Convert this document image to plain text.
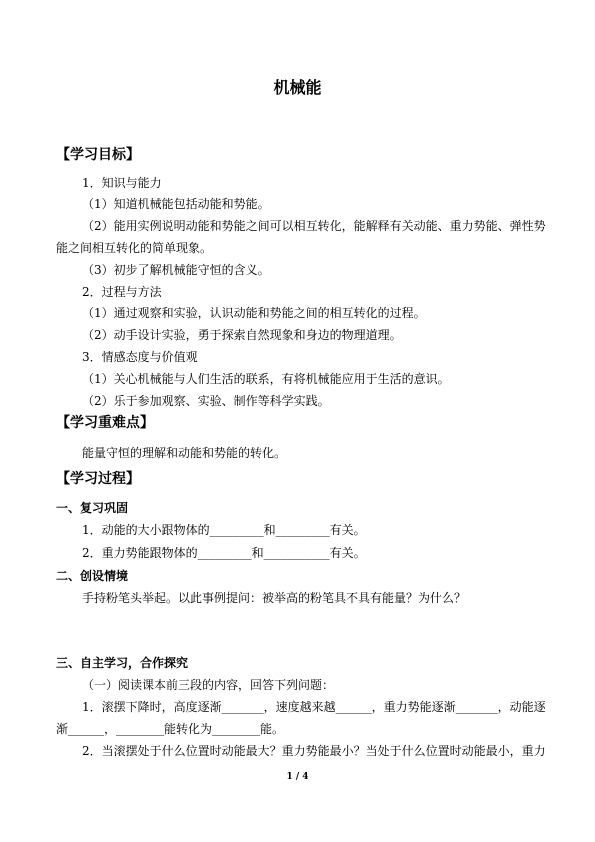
机械能
【学习目标】
1．知识与能力
（1）知道机械能包括动能和势能。
（2）能用实例说明动能和势能之间可以相互转化，能解释有关动能、重力势能、弹性势
能之间相互转化的简单现象。
（3）初步了解机械能守恒的含义。
2．过程与方法
（1）通过观察和实验，认识动能和势能之间的相互转化的过程。
（2）动手设计实验，勇于探索自然现象和身边的物理道理。
3．情感态度与价值观
（1）关心机械能与人们生活的联系，有将机械能应用于生活的意识。
（2）乐于参加观察、实验、制作等科学实践。
【学习重难点】
能量守恒的理解和动能和势能的转化。
【学习过程】
一、复习巩固
1．动能的大小跟物体的_________和_________有关。
2．重力势能跟物体的_________和___________有关。
二、创设情境
手持粉笔头举起。以此事例提问：被举高的粉笔具不具有能量？为什么？
三、自主学习，合作探究
（一）阅读课本前三段的内容，回答下列问题：
1．滚摆下降时，高度逐渐_______，速度越来越______，重力势能逐渐_______，动能逐
渐______，________能转化为________能。
2．当滚摆处于什么位置时动能最大？重力势能最小？当处于什么位置时动能最小，重力
1 / 4
